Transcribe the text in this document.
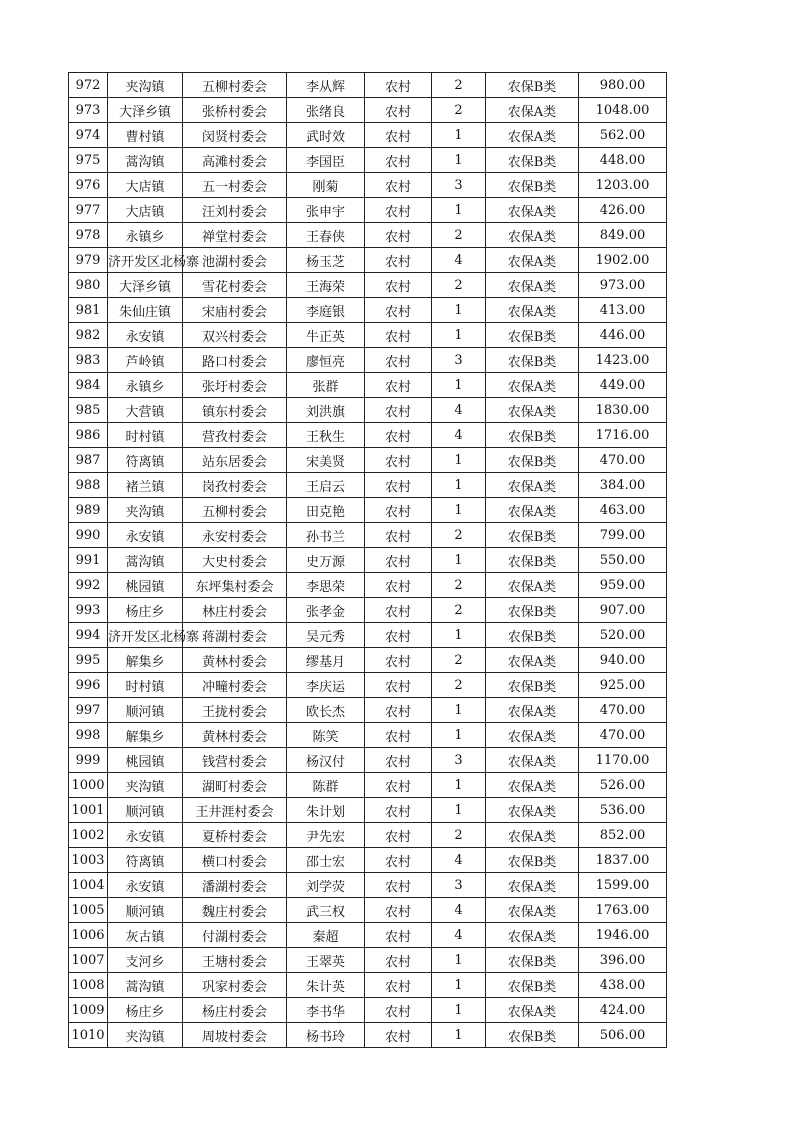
972	夹沟镇	五柳村委会	李从辉	农村	2	农保B类	980.00
973	大泽乡镇	张桥村委会	张绪良	农村	2	农保A类	1048.00
974	曹村镇	闵贤村委会	武时效	农村	1	农保A类	562.00
975	蒿沟镇	高滩村委会	李国臣	农村	1	农保B类	448.00
976	大店镇	五一村委会	刚菊	农村	3	农保B类	1203.00
977	大店镇	汪刘村委会	张申宇	农村	1	农保A类	426.00
978	永镇乡	禅堂村委会	王春侠	农村	2	农保A类	849.00
979	济开发区北杨寨	池湖村委会	杨玉芝	农村	4	农保A类	1902.00
980	大泽乡镇	雪花村委会	王海荣	农村	2	农保A类	973.00
981	朱仙庄镇	宋庙村委会	李庭银	农村	1	农保A类	413.00
982	永安镇	双兴村委会	牛正英	农村	1	农保B类	446.00
983	芦岭镇	路口村委会	廖恒亮	农村	3	农保B类	1423.00
984	永镇乡	张圩村委会	张群	农村	1	农保A类	449.00
985	大营镇	镇东村委会	刘洪旗	农村	4	农保A类	1830.00
986	时村镇	营孜村委会	王秋生	农村	4	农保B类	1716.00
987	符离镇	站东居委会	宋美贤	农村	1	农保B类	470.00
988	褚兰镇	岗孜村委会	王启云	农村	1	农保A类	384.00
989	夹沟镇	五柳村委会	田克艳	农村	1	农保A类	463.00
990	永安镇	永安村委会	孙书兰	农村	2	农保B类	799.00
991	蒿沟镇	大史村委会	史万源	农村	1	农保B类	550.00
992	桃园镇	东坪集村委会	李思荣	农村	2	农保A类	959.00
993	杨庄乡	林庄村委会	张孝金	农村	2	农保B类	907.00
994	济开发区北杨寨	蒋湖村委会	吴元秀	农村	1	农保B类	520.00
995	解集乡	黄林村委会	缪基月	农村	2	农保A类	940.00
996	时村镇	冲疃村委会	李庆运	农村	2	农保B类	925.00
997	顺河镇	王拢村委会	欧长杰	农村	1	农保A类	470.00
998	解集乡	黄林村委会	陈笑	农村	1	农保A类	470.00
999	桃园镇	钱营村委会	杨汉付	农村	3	农保A类	1170.00
1000	夹沟镇	湖町村委会	陈群	农村	1	农保A类	526.00
1001	顺河镇	王井涯村委会	朱计划	农村	1	农保A类	536.00
1002	永安镇	夏桥村委会	尹先宏	农村	2	农保A类	852.00
1003	符离镇	横口村委会	邵士宏	农村	4	农保B类	1837.00
1004	永安镇	潘湖村委会	刘学荧	农村	3	农保A类	1599.00
1005	顺河镇	魏庄村委会	武三权	农村	4	农保A类	1763.00
1006	灰古镇	付湖村委会	秦超	农村	4	农保A类	1946.00
1007	支河乡	王塘村委会	王翠英	农村	1	农保B类	396.00
1008	蒿沟镇	巩家村委会	朱计英	农村	1	农保B类	438.00
1009	杨庄乡	杨庄村委会	李书华	农村	1	农保A类	424.00
1010	夹沟镇	周坡村委会	杨书玲	农村	1	农保B类	506.00
